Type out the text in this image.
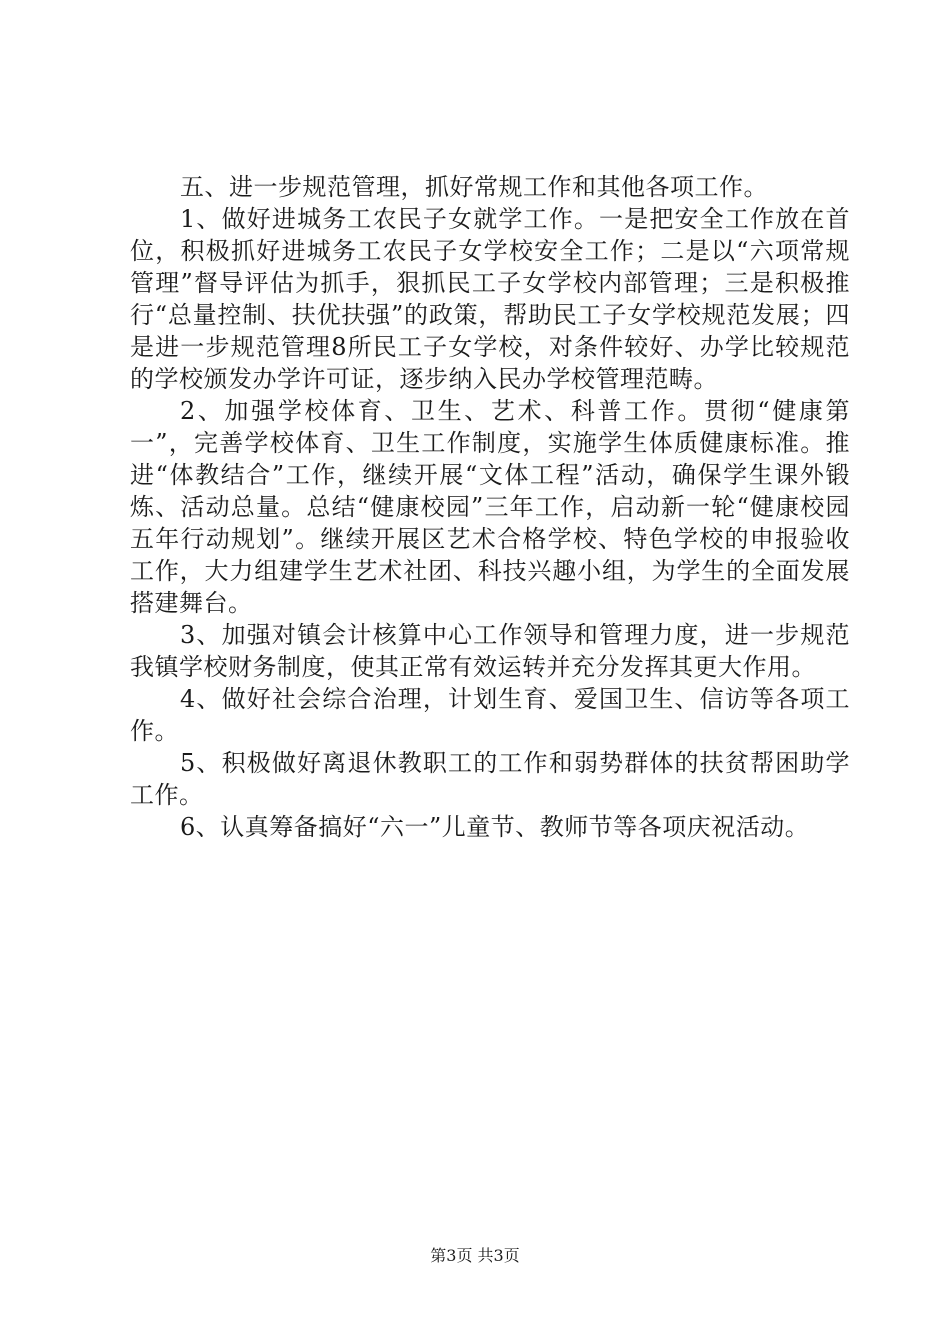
五、进一步规范管理，抓好常规工作和其他各项工作。

1、做好进城务工农民子女就学工作。一是把安全工作放在首位，积极抓好进城务工农民子女学校安全工作；二是以“六项常规管理”督导评估为抓手，狠抓民工子女学校内部管理；三是积极推行“总量控制、扶优扶强”的政策，帮助民工子女学校规范发展；四是进一步规范管理8所民工子女学校，对条件较好、办学比较规范的学校颁发办学许可证，逐步纳入民办学校管理范畴。

2、加强学校体育、卫生、艺术、科普工作。贯彻“健康第一”，完善学校体育、卫生工作制度，实施学生体质健康标准。推进“体教结合”工作，继续开展“文体工程”活动，确保学生课外锻炼、活动总量。总结“健康校园”三年工作，启动新一轮“健康校园五年行动规划”。继续开展区艺术合格学校、特色学校的申报验收工作，大力组建学生艺术社团、科技兴趣小组，为学生的全面发展搭建舞台。

3、加强对镇会计核算中心工作领导和管理力度，进一步规范我镇学校财务制度，使其正常有效运转并充分发挥其更大作用。

4、做好社会综合治理，计划生育、爱国卫生、信访等各项工作。

5、积极做好离退休教职工的工作和弱势群体的扶贫帮困助学工作。

6、认真筹备搞好“六一”儿童节、教师节等各项庆祝活动。

第3页 共3页
